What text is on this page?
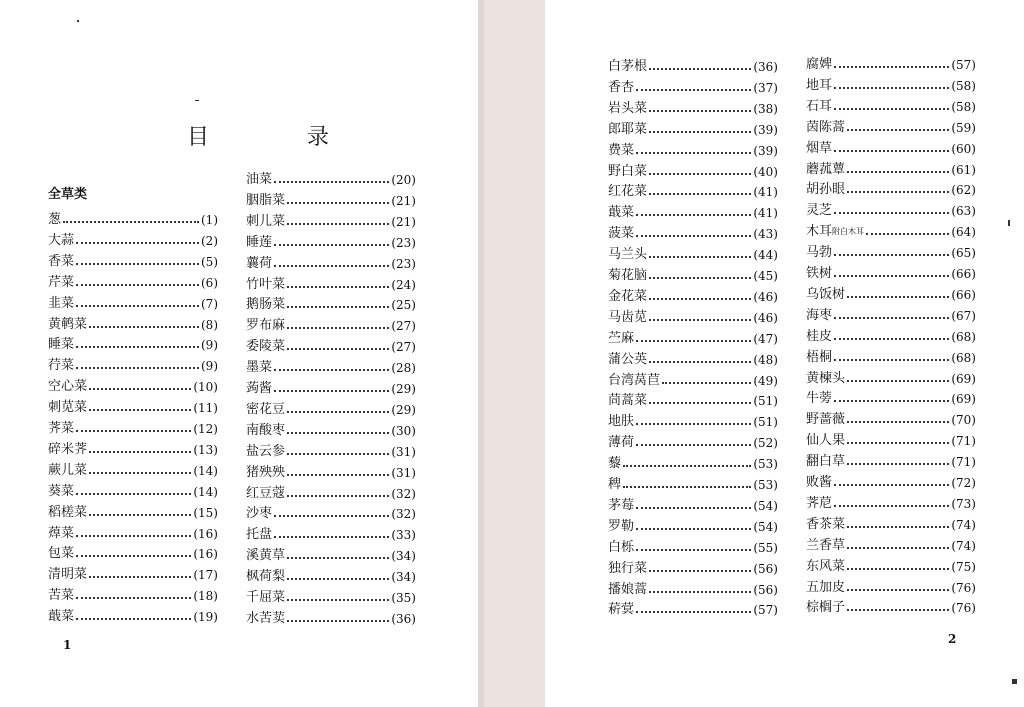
目　录
全草类
葱	(1)
大蒜	(2)
香菜	(5)
芹菜	(6)
韭菜	(7)
黄鹌菜	(8)
睡菜	(9)
荇菜	(9)
空心菜	(10)
刺苋菜	(11)
荠菜	(12)
碎米荠	(13)
蕨儿菜	(14)
葵菜	(14)
稻槎菜	(15)
蔊菜	(16)
包菜	(16)
清明菜	(17)
苦菜	(18)
蕺菜	(19)
油菜	(20)
胭脂菜	(21)
刺儿菜	(21)
睡莲	(23)
蘘荷	(23)
竹叶菜	(24)
鹅肠菜	(25)
罗布麻	(27)
委陵菜	(27)
墨菜	(28)
蒟酱	(29)
密花豆	(29)
南酸枣	(30)
盐云参	(31)
猪殃殃	(31)
红豆蔻	(32)
沙枣	(32)
托盘	(33)
溪黄草	(34)
枫荷梨	(34)
千屈菜	(35)
水苦荬	(36)
1
白茅根	(36)
香杏	(37)
岩头菜	(38)
郎耶菜	(39)
费菜	(39)
野白菜	(40)
红花菜	(41)
蕺菜	(41)
菠菜	(43)
马兰头	(44)
菊花脑	(45)
金花菜	(46)
马齿苋	(46)
苎麻	(47)
蒲公英	(48)
台湾莴苣	(49)
茼蒿菜	(51)
地肤	(51)
薄荷	(52)
藜	(53)
稗	(53)
茅莓	(54)
罗勒	(54)
白栎	(55)
独行菜	(56)
播娘蒿	(56)
菥蓂	(57)
腐婢	(57)
地耳	(58)
石耳	(58)
茵陈蒿	(59)
烟草	(60)
蘑菰蕈	(61)
胡孙眼	(62)
灵芝	(63)
木耳 附白木耳	(64)
马勃	(65)
铁树	(66)
乌饭树	(66)
海枣	(67)
桂皮	(68)
梧桐	(68)
黄楝头	(69)
牛蒡	(69)
野蔷薇	(70)
仙人果	(71)
翻白草	(71)
败酱	(72)
荠苨	(73)
香茶菜	(74)
兰香草	(74)
东风菜	(75)
五加皮	(76)
棕榈子	(76)
2
